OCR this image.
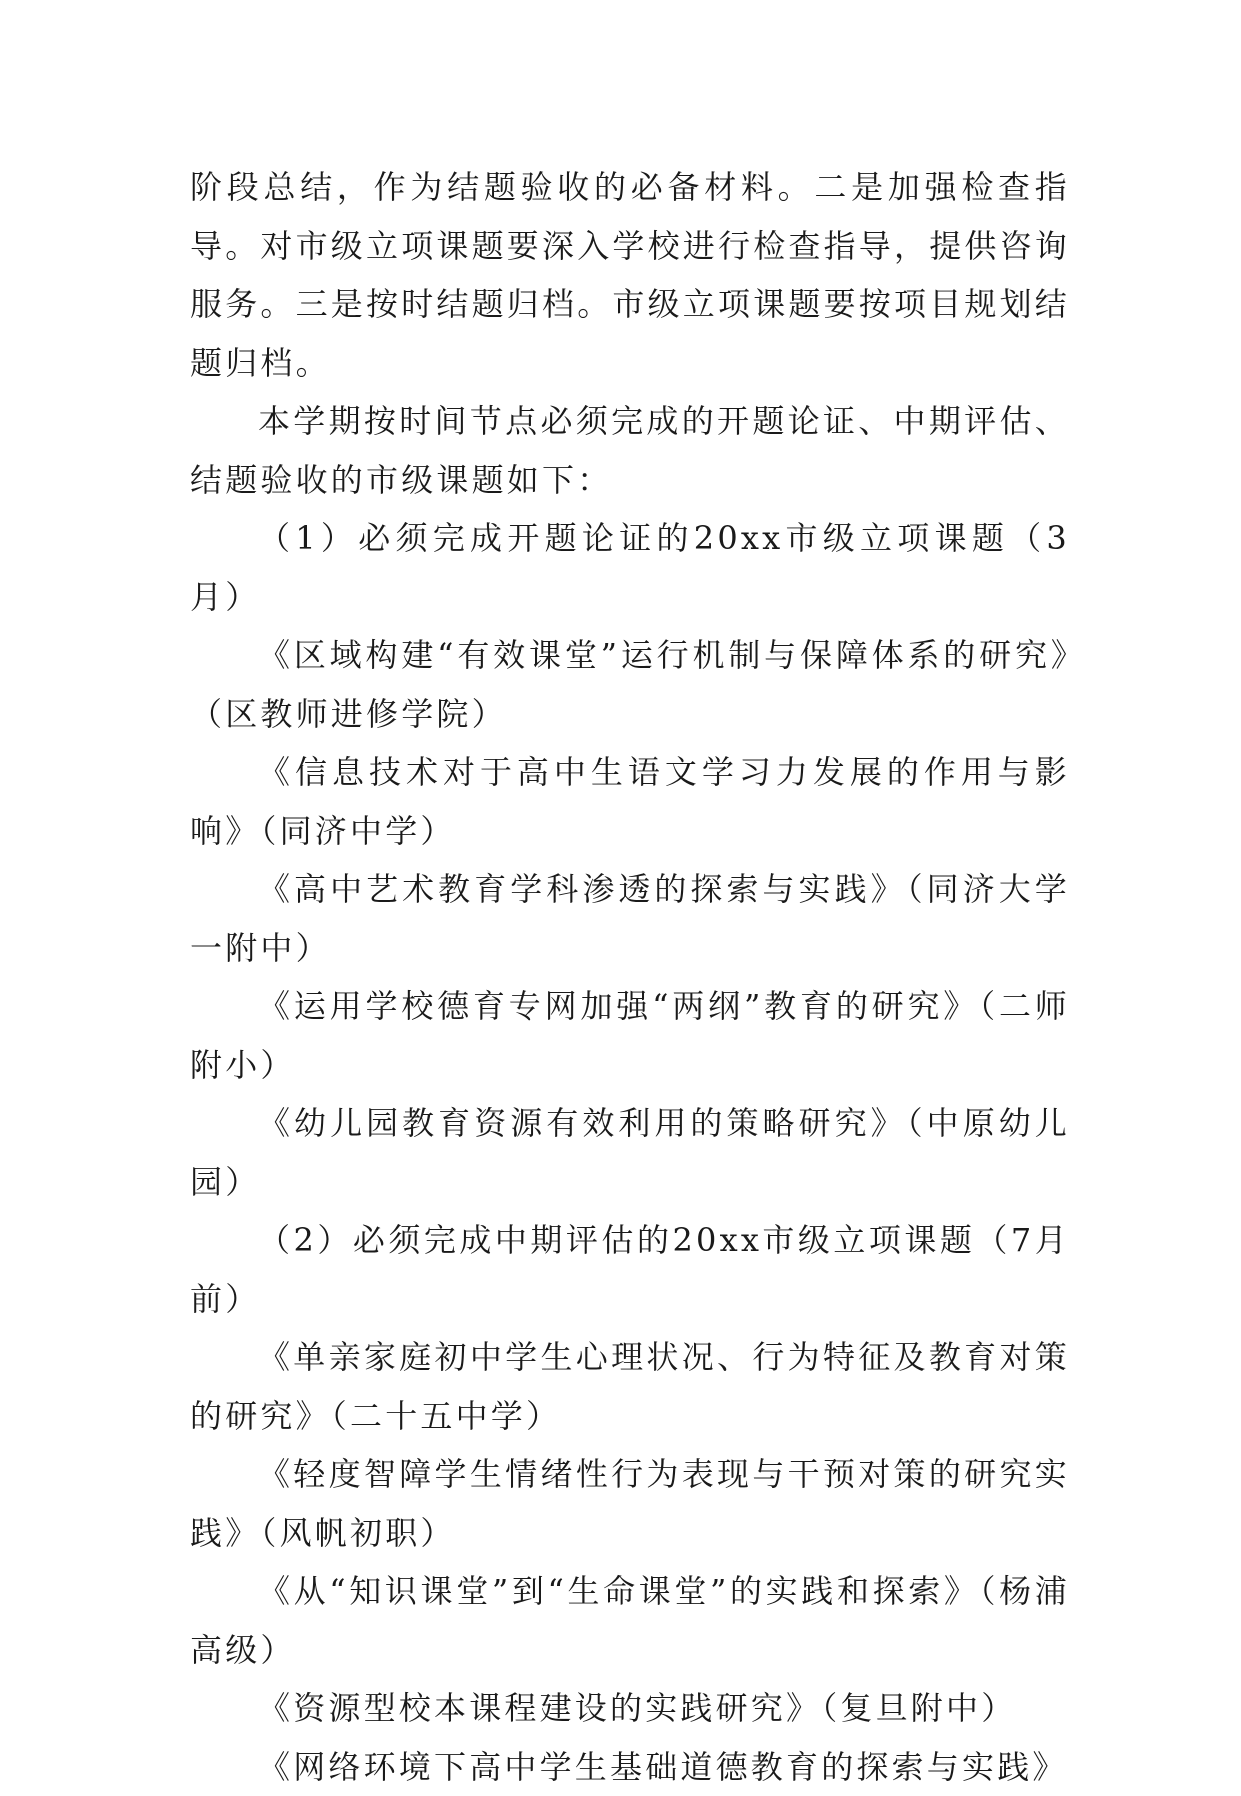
阶段总结，作为结题验收的必备材料。二是加强检查指导。对市级立项课题要深入学校进行检查指导，提供咨询服务。三是按时结题归档。市级立项课题要按项目规划结题归档。

本学期按时间节点必须完成的开题论证、中期评估、结题验收的市级课题如下：

（1）必须完成开题论证的20xx市级立项课题（3月）

《区域构建“有效课堂”运行机制与保障体系的研究》（区教师进修学院）

《信息技术对于高中生语文学习力发展的作用与影响》（同济中学）

《高中艺术教育学科渗透的探索与实践》（同济大学一附中）

《运用学校德育专网加强“两纲”教育的研究》（二师附小）

《幼儿园教育资源有效利用的策略研究》（中原幼儿园）

（2）必须完成中期评估的20xx市级立项课题（7月前）

《单亲家庭初中学生心理状况、行为特征及教育对策的研究》（二十五中学）

《轻度智障学生情绪性行为表现与干预对策的研究实践》（风帆初职）

《从“知识课堂”到“生命课堂”的实践和探索》（杨浦高级）

《资源型校本课程建设的实践研究》（复旦附中）

《网络环境下高中学生基础道德教育的探索与实践》
